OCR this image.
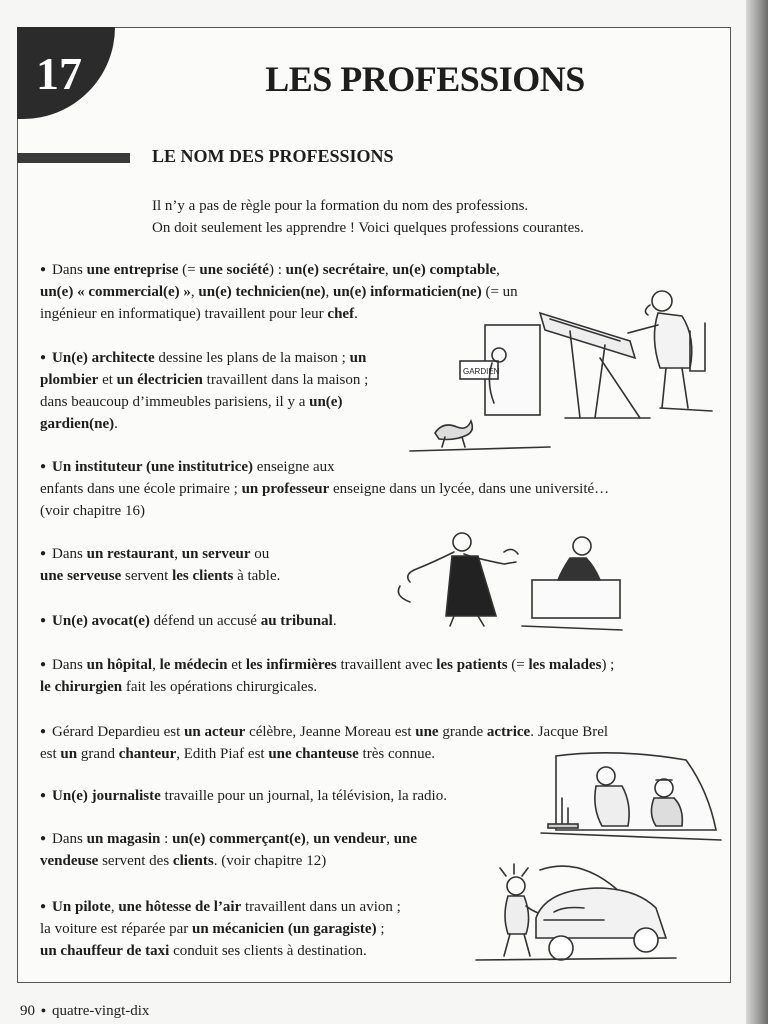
17	LES PROFESSIONS
LE NOM DES PROFESSIONS
Il n’y a pas de règle pour la formation du nom des professions.
On doit seulement les apprendre ! Voici quelques professions courantes.
● Dans une entreprise (= une société) : un(e) secrétaire, un(e) comptable,
un(e) « commercial(e) », un(e) technicien(ne), un(e) informaticien(ne) (= un
ingénieur en informatique) travaillent pour leur chef.
● Un(e) architecte dessine les plans de la maison ; un
plombier et un électricien travaillent dans la maison ;
dans beaucoup d’immeubles parisiens, il y a un(e)
gardien(ne).
● Un instituteur (une institutrice) enseigne aux
enfants dans une école primaire ; un professeur enseigne dans un lycée, dans une université…
(voir chapitre 16)
● Dans un restaurant, un serveur ou
une serveuse servent les clients à table.
● Un(e) avocat(e) défend un accusé au tribunal.
● Dans un hôpital, le médecin et les infirmières travaillent avec les patients (= les malades) ;
le chirurgien fait les opérations chirurgicales.
● Gérard Depardieu est un acteur célèbre, Jeanne Moreau est une grande actrice. Jacque Brel
est un grand chanteur, Edith Piaf est une chanteuse très connue.
● Un(e) journaliste travaille pour un journal, la télévision, la radio.
● Dans un magasin : un(e) commerçant(e), un vendeur, une
vendeuse servent des clients. (voir chapitre 12)
● Un pilote, une hôtesse de l’air travaillent dans un avion ;
la voiture est réparée par un mécanicien (un garagiste) ;
un chauffeur de taxi conduit ses clients à destination.
GARDIEN
90 ● quatre-vingt-dix
